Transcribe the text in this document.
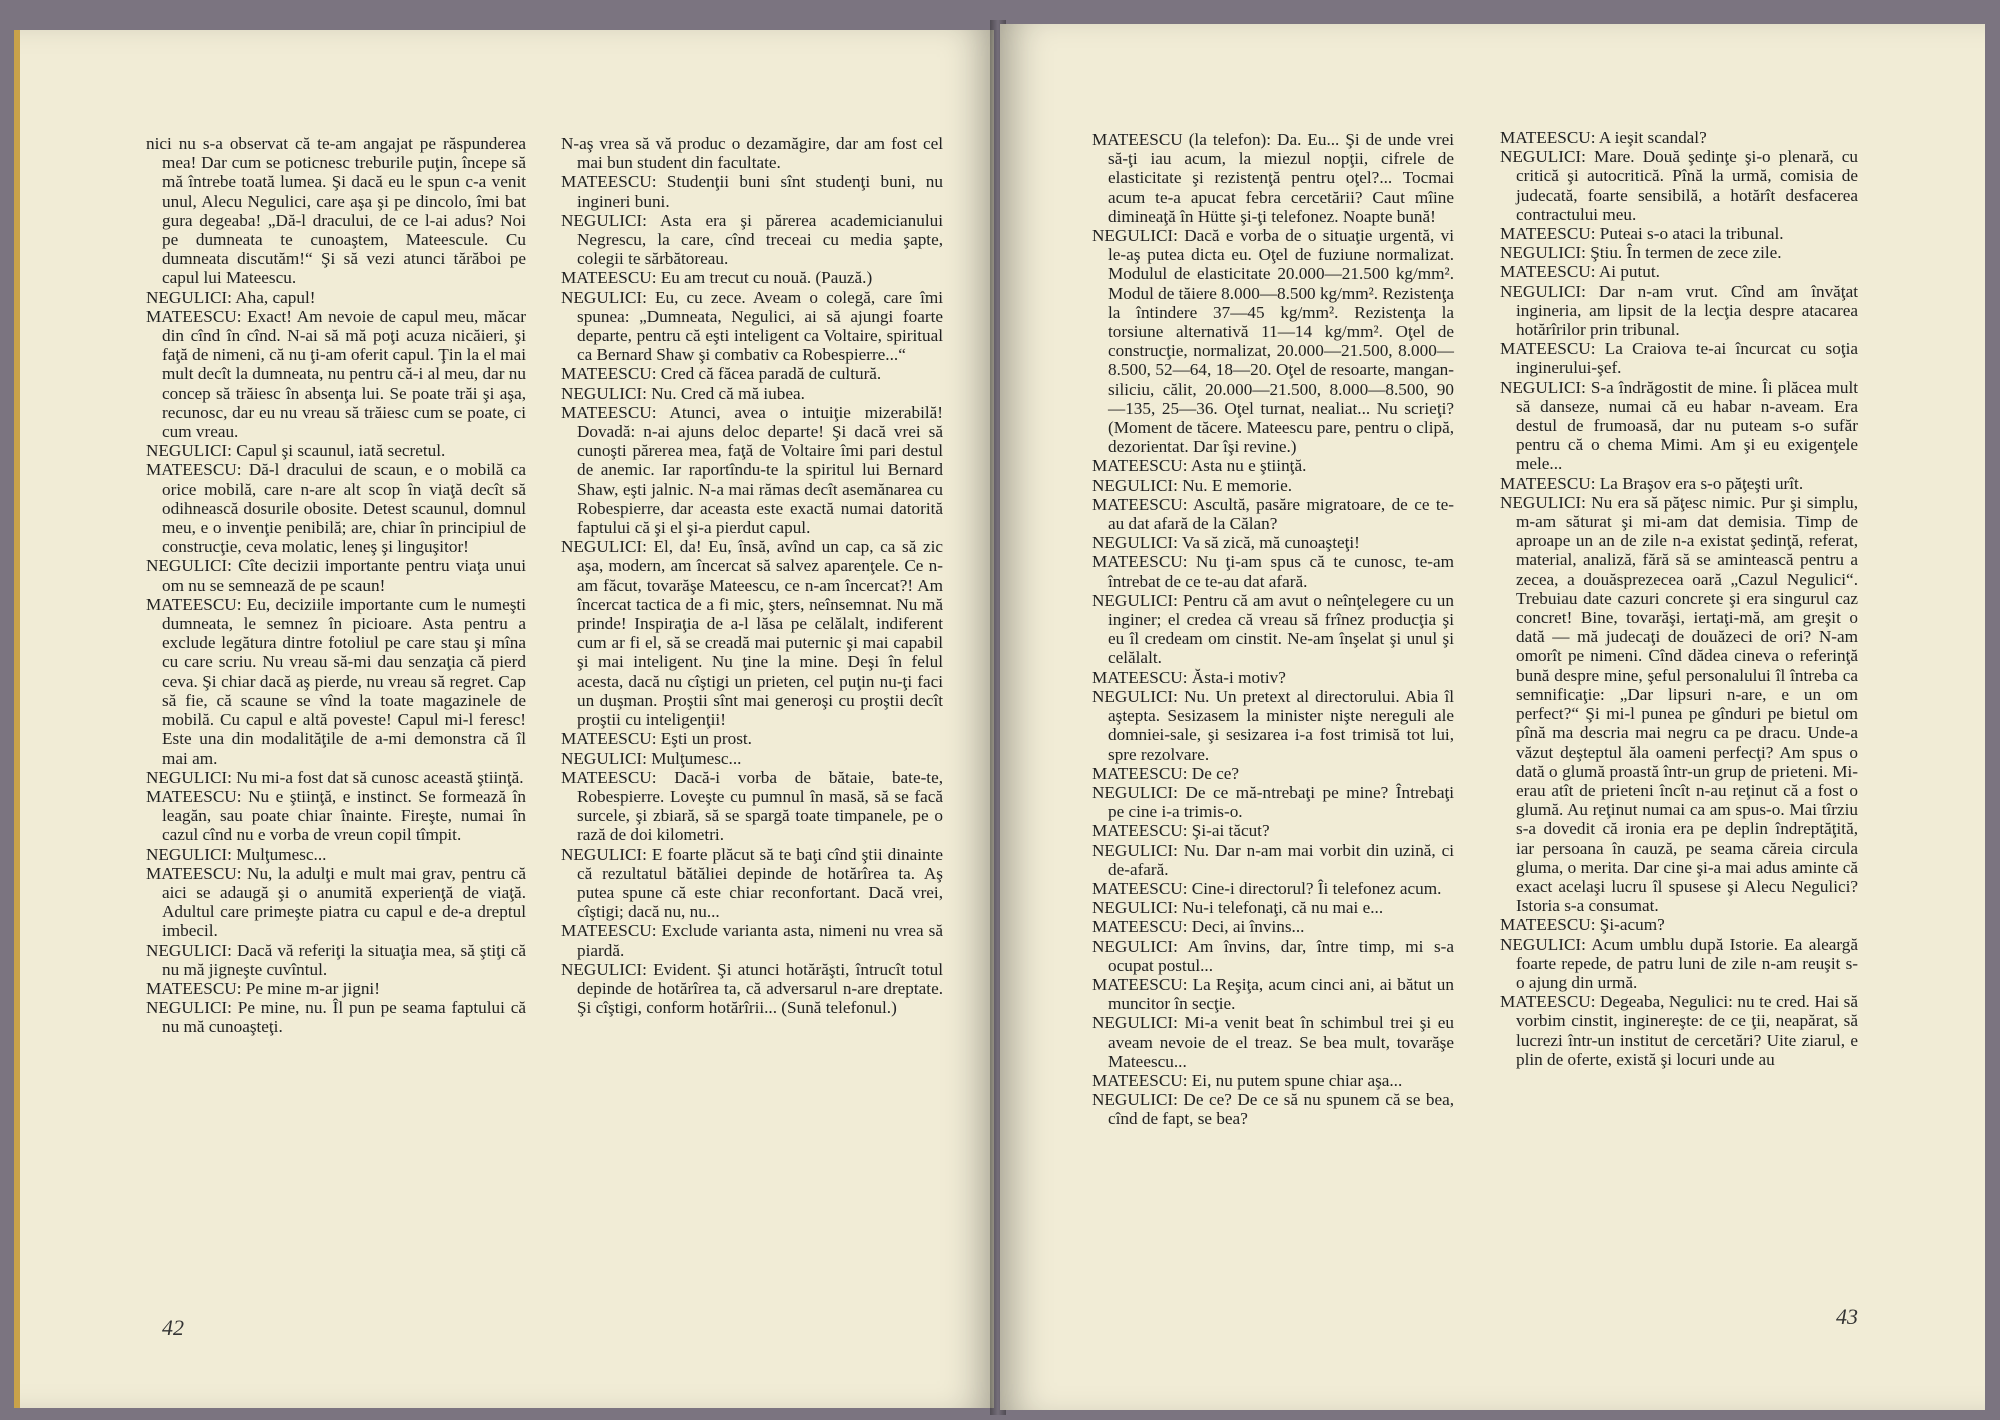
nici nu s-a observat că te-am angajat pe răspunderea mea! Dar cum se poticnesc treburile puţin, începe să mă întrebe toată lumea. Şi dacă eu le spun c-a venit unul, Alecu Negulici, care aşa şi pe dincolo, îmi bat gura degeaba! „Dă-l dracului, de ce l-ai adus? Noi pe dumneata te cunoaştem, Mateescule. Cu dumneata discutăm!“ Şi să vezi atunci tărăboi pe capul lui Mateescu.

NEGULICI: Aha, capul!

MATEESCU: Exact! Am nevoie de capul meu, măcar din cînd în cînd. N-ai să mă poţi acuza nicăieri, şi faţă de nimeni, că nu ţi-am oferit capul. Ţin la el mai mult decît la dumneata, nu pentru că-i al meu, dar nu concep să trăiesc în absenţa lui. Se poate trăi şi aşa, recunosc, dar eu nu vreau să trăiesc cum se poate, ci cum vreau.

NEGULICI: Capul şi scaunul, iată secretul.

MATEESCU: Dă-l dracului de scaun, e o mobilă ca orice mobilă, care n-are alt scop în viaţă decît să odihnească dosurile obosite. Detest scaunul, domnul meu, e o invenţie penibilă; are, chiar în principiul de construcţie, ceva molatic, leneş şi linguşitor!

NEGULICI: Cîte decizii importante pentru viaţa unui om nu se semnează de pe scaun!

MATEESCU: Eu, deciziile importante cum le numeşti dumneata, le semnez în picioare. Asta pentru a exclude legătura dintre fotoliul pe care stau şi mîna cu care scriu. Nu vreau să-mi dau senzaţia că pierd ceva. Şi chiar dacă aş pierde, nu vreau să regret. Cap să fie, că scaune se vînd la toate magazinele de mobilă. Cu capul e altă poveste! Capul mi-l feresc! Este una din modalităţile de a-mi demonstra că îl mai am.

NEGULICI: Nu mi-a fost dat să cunosc această ştiinţă.

MATEESCU: Nu e ştiinţă, e instinct. Se formează în leagăn, sau poate chiar înainte. Fireşte, numai în cazul cînd nu e vorba de vreun copil tîmpit.

NEGULICI: Mulţumesc...

MATEESCU: Nu, la adulţi e mult mai grav, pentru că aici se adaugă şi o anumită experienţă de viaţă. Adultul care primeşte piatra cu capul e de-a dreptul imbecil.

NEGULICI: Dacă vă referiţi la situaţia mea, să ştiţi că nu mă jigneşte cuvîntul.

MATEESCU: Pe mine m-ar jigni!

NEGULICI: Pe mine, nu. Îl pun pe seama faptului că nu mă cunoaşteţi.

N-aş vrea să vă produc o dezamăgire, dar am fost cel mai bun student din facultate.

MATEESCU: Studenţii buni sînt studenţi buni, nu ingineri buni.

NEGULICI: Asta era şi părerea academicianului Negrescu, la care, cînd treceai cu media şapte, colegii te sărbătoreau.

MATEESCU: Eu am trecut cu nouă. (Pauză.)

NEGULICI: Eu, cu zece. Aveam o colegă, care îmi spunea: „Dumneata, Negulici, ai să ajungi foarte departe, pentru că eşti inteligent ca Voltaire, spiritual ca Bernard Shaw şi combativ ca Robespierre...“

MATEESCU: Cred că făcea paradă de cultură.

NEGULICI: Nu. Cred că mă iubea.

MATEESCU: Atunci, avea o intuiţie mizerabilă! Dovadă: n-ai ajuns deloc departe! Şi dacă vrei să cunoşti părerea mea, faţă de Voltaire îmi pari destul de anemic. Iar raportîndu-te la spiritul lui Bernard Shaw, eşti jalnic. N-a mai rămas decît asemănarea cu Robespierre, dar aceasta este exactă numai datorită faptului că şi el şi-a pierdut capul.

NEGULICI: El, da! Eu, însă, avînd un cap, ca să zic aşa, modern, am încercat să salvez aparenţele. Ce n-am făcut, tovarăşe Mateescu, ce n-am încercat?! Am încercat tactica de a fi mic, şters, neînsemnat. Nu mă prinde! Inspiraţia de a-l lăsa pe celălalt, indiferent cum ar fi el, să se creadă mai puternic şi mai capabil şi mai inteligent. Nu ţine la mine. Deşi în felul acesta, dacă nu cîştigi un prieten, cel puţin nu-ţi faci un duşman. Proştii sînt mai generoşi cu proştii decît proştii cu inteligenţii!

MATEESCU: Eşti un prost.

NEGULICI: Mulţumesc...

MATEESCU: Dacă-i vorba de bătaie, bate-te, Robespierre. Loveşte cu pumnul în masă, să se facă surcele, şi zbiară, să se spargă toate timpanele, pe o rază de doi kilometri.

NEGULICI: E foarte plăcut să te baţi cînd ştii dinainte că rezultatul bătăliei depinde de hotărîrea ta. Aş putea spune că este chiar reconfortant. Dacă vrei, cîştigi; dacă nu, nu...

MATEESCU: Exclude varianta asta, nimeni nu vrea să piardă.

NEGULICI: Evident. Şi atunci hotărăşti, întrucît totul depinde de hotărîrea ta, că adversarul n-are dreptate. Şi cîştigi, conform hotărîrii... (Sună telefonul.)

42

MATEESCU (la telefon): Da. Eu... Şi de unde vrei să-ţi iau acum, la miezul nopţii, cifrele de elasticitate şi rezistenţă pentru oţel?... Tocmai acum te-a apucat febra cercetării? Caut mîine dimineaţă în Hütte şi-ţi telefonez. Noapte bună!

NEGULICI: Dacă e vorba de o situaţie urgentă, vi le-aş putea dicta eu. Oţel de fuziune normalizat. Modulul de elasticitate 20.000—21.500 kg/mm². Modul de tăiere 8.000—8.500 kg/mm². Rezistenţa la întindere 37—45 kg/mm². Rezistenţa la torsiune alternativă 11—14 kg/mm². Oţel de construcţie, normalizat, 20.000—21.500, 8.000—8.500, 52—64, 18—20. Oţel de resoarte, mangan-siliciu, călit, 20.000—21.500, 8.000—8.500, 90—135, 25—36. Oţel turnat, nealiat... Nu scrieţi? (Moment de tăcere. Mateescu pare, pentru o clipă, dezorientat. Dar îşi revine.)

MATEESCU: Asta nu e ştiinţă.

NEGULICI: Nu. E memorie.

MATEESCU: Ascultă, pasăre migratoare, de ce te-au dat afară de la Călan?

NEGULICI: Va să zică, mă cunoaşteţi!

MATEESCU: Nu ţi-am spus că te cunosc, te-am întrebat de ce te-au dat afară.

NEGULICI: Pentru că am avut o neînţelegere cu un inginer; el credea că vreau să frînez producţia şi eu îl credeam om cinstit. Ne-am înşelat şi unul şi celălalt.

MATEESCU: Ăsta-i motiv?

NEGULICI: Nu. Un pretext al directorului. Abia îl aştepta. Sesizasem la minister nişte nereguli ale domniei-sale, şi sesizarea i-a fost trimisă tot lui, spre rezolvare.

MATEESCU: De ce?

NEGULICI: De ce mă-ntrebaţi pe mine? Întrebaţi pe cine i-a trimis-o.

MATEESCU: Şi-ai tăcut?

NEGULICI: Nu. Dar n-am mai vorbit din uzină, ci de-afară.

MATEESCU: Cine-i directorul? Îi telefonez acum.

NEGULICI: Nu-i telefonaţi, că nu mai e...

MATEESCU: Deci, ai învins...

NEGULICI: Am învins, dar, între timp, mi s-a ocupat postul...

MATEESCU: La Reşiţa, acum cinci ani, ai bătut un muncitor în secţie.

NEGULICI: Mi-a venit beat în schimbul trei şi eu aveam nevoie de el treaz. Se bea mult, tovarăşe Mateescu...

MATEESCU: Ei, nu putem spune chiar aşa...

NEGULICI: De ce? De ce să nu spunem că se bea, cînd de fapt, se bea?

MATEESCU: A ieşit scandal?

NEGULICI: Mare. Două şedinţe şi-o plenară, cu critică şi autocritică. Pînă la urmă, comisia de judecată, foarte sensibilă, a hotărît desfacerea contractului meu.

MATEESCU: Puteai s-o ataci la tribunal.

NEGULICI: Ştiu. În termen de zece zile.

MATEESCU: Ai putut.

NEGULICI: Dar n-am vrut. Cînd am învăţat ingineria, am lipsit de la lecţia despre atacarea hotărîrilor prin tribunal.

MATEESCU: La Craiova te-ai încurcat cu soţia inginerului-şef.

NEGULICI: S-a îndrăgostit de mine. Îi plăcea mult să danseze, numai că eu habar n-aveam. Era destul de frumoasă, dar nu puteam s-o sufăr pentru că o chema Mimi. Am şi eu exigenţele mele...

MATEESCU: La Braşov era s-o păţeşti urît.

NEGULICI: Nu era să păţesc nimic. Pur şi simplu, m-am săturat şi mi-am dat demisia. Timp de aproape un an de zile n-a existat şedinţă, referat, material, analiză, fără să se amintească pentru a zecea, a douăsprezecea oară „Cazul Negulici“. Trebuiau date cazuri concrete şi era singurul caz concret! Bine, tovarăşi, iertaţi-mă, am greşit o dată — mă judecaţi de douăzeci de ori? N-am omorît pe nimeni. Cînd dădea cineva o referinţă bună despre mine, şeful personalului îl întreba ca semnificaţie: „Dar lipsuri n-are, e un om perfect?“ Şi mi-l punea pe gînduri pe bietul om pînă ma descria mai negru ca pe dracu. Unde-a văzut deşteptul ăla oameni perfecţi? Am spus o dată o glumă proastă într-un grup de prieteni. Mi-erau atît de prieteni încît n-au reţinut că a fost o glumă. Au reţinut numai ca am spus-o. Mai tîrziu s-a dovedit că ironia era pe deplin îndreptăţită, iar persoana în cauză, pe seama căreia circula gluma, o merita. Dar cine şi-a mai adus aminte că exact acelaşi lucru îl spusese şi Alecu Negulici? Istoria s-a consumat.

MATEESCU: Şi-acum?

NEGULICI: Acum umblu după Istorie. Ea aleargă foarte repede, de patru luni de zile n-am reuşit s-o ajung din urmă.

MATEESCU: Degeaba, Negulici: nu te cred. Hai să vorbim cinstit, inginereşte: de ce ţii, neapărat, să lucrezi într-un institut de cercetări? Uite ziarul, e plin de oferte, există şi locuri unde au

43
